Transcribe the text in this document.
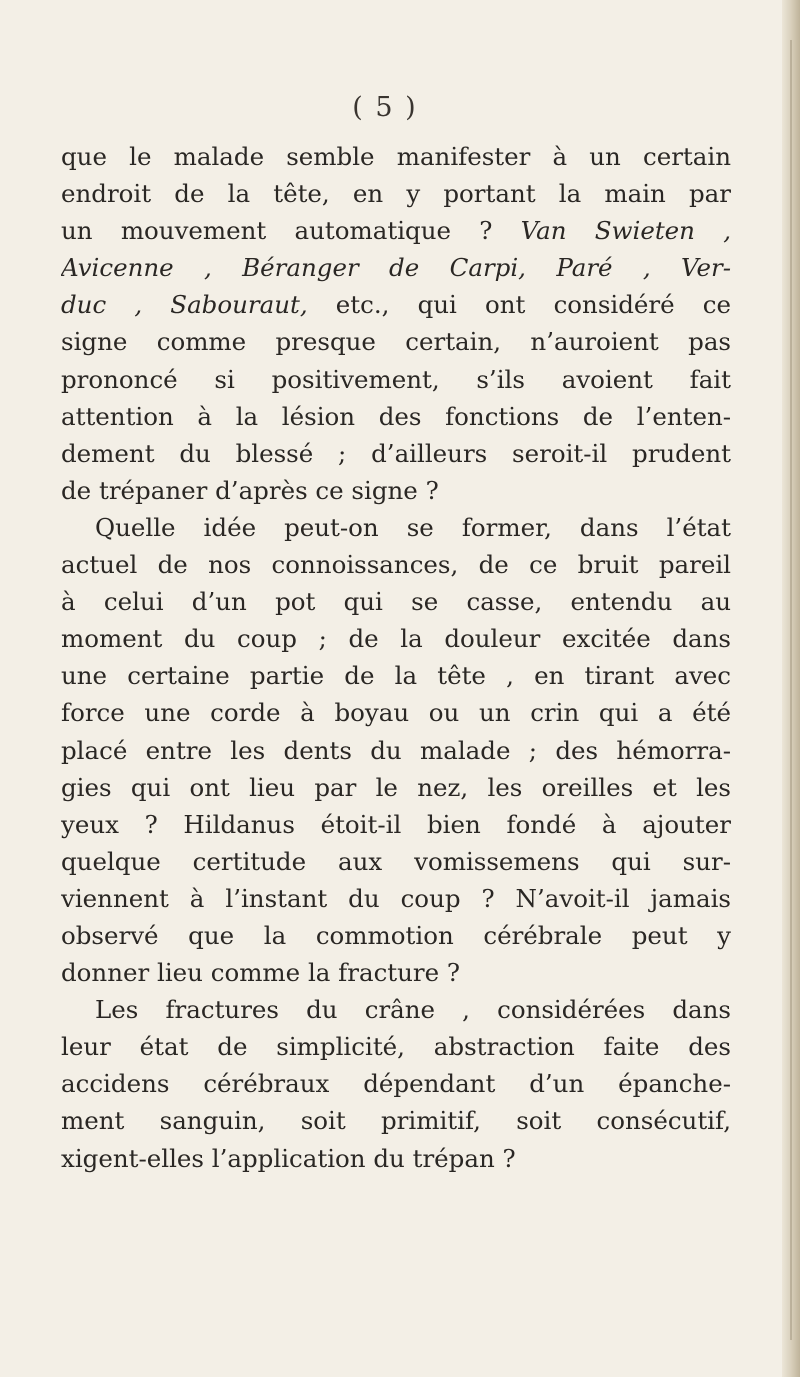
( 5 )
que le malade semble manifester à un certain
endroit de la tête, en y portant la main par
un mouvement automatique ? Van Swieten ,
Avicenne , Béranger de Carpi, Paré , Ver-
duc , Sabouraut, etc., qui ont considéré ce
signe comme presque certain, n’auroient pas
prononcé si positivement, s’ils avoient fait
attention à la lésion des fonctions de l’enten-
dement du blessé ; d’ailleurs seroit-il prudent
de trépaner d’après ce signe ?
Quelle idée peut-on se former, dans l’état
actuel de nos connoissances, de ce bruit pareil
à celui d’un pot qui se casse, entendu au
moment du coup ; de la douleur excitée dans
une certaine partie de la tête , en tirant avec
force une corde à boyau ou un crin qui a été
placé entre les dents du malade ; des hémorra-
gies qui ont lieu par le nez, les oreilles et les
yeux ? Hildanus étoit-il bien fondé à ajouter
quelque certitude aux vomissemens qui sur-
viennent à l’instant du coup ? N’avoit-il jamais
observé que la commotion cérébrale peut y
donner lieu comme la fracture ?
Les fractures du crâne , considérées dans
leur état de simplicité, abstraction faite des
accidens cérébraux dépendant d’un épanche-
ment sanguin, soit primitif, soit consécutif,
xigent-elles l’application du trépan ?
